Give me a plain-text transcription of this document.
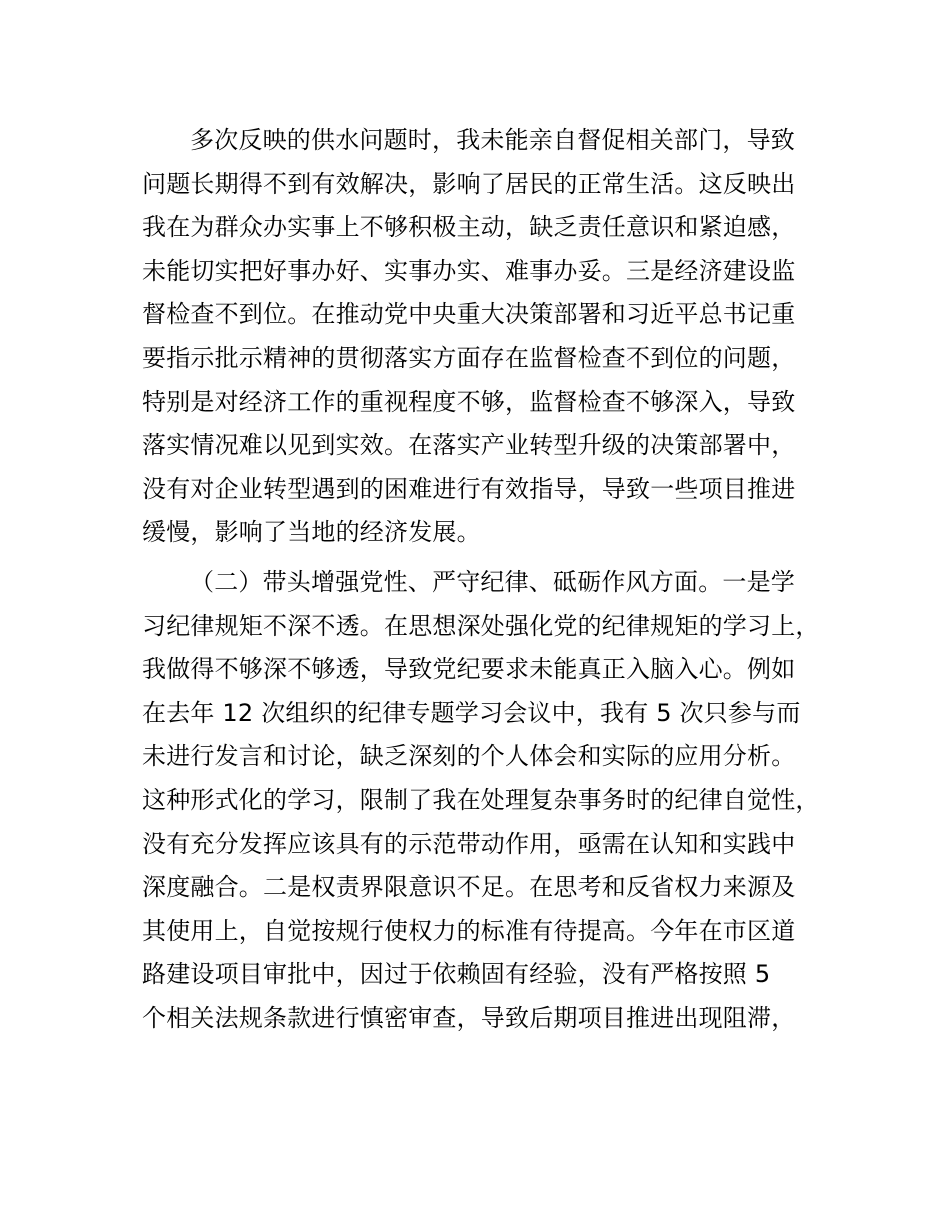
多次反映的供水问题时，我未能亲自督促相关部门，导致
问题长期得不到有效解决，影响了居民的正常生活。这反映出
我在为群众办实事上不够积极主动，缺乏责任意识和紧迫感，
未能切实把好事办好、实事办实、难事办妥。三是经济建设监
督检查不到位。在推动党中央重大决策部署和习近平总书记重
要指示批示精神的贯彻落实方面存在监督检查不到位的问题，
特别是对经济工作的重视程度不够，监督检查不够深入，导致
落实情况难以见到实效。在落实产业转型升级的决策部署中，
没有对企业转型遇到的困难进行有效指导，导致一些项目推进
缓慢，影响了当地的经济发展。
（二）带头增强党性、严守纪律、砥砺作风方面。一是学
习纪律规矩不深不透。在思想深处强化党的纪律规矩的学习上，
我做得不够深不够透，导致党纪要求未能真正入脑入心。例如
在去年 12 次组织的纪律专题学习会议中，我有 5 次只参与而
未进行发言和讨论，缺乏深刻的个人体会和实际的应用分析。
这种形式化的学习，限制了我在处理复杂事务时的纪律自觉性，
没有充分发挥应该具有的示范带动作用，亟需在认知和实践中
深度融合。二是权责界限意识不足。在思考和反省权力来源及
其使用上，自觉按规行使权力的标准有待提高。今年在市区道
路建设项目审批中，因过于依赖固有经验，没有严格按照 5
个相关法规条款进行慎密审查，导致后期项目推进出现阻滞，
